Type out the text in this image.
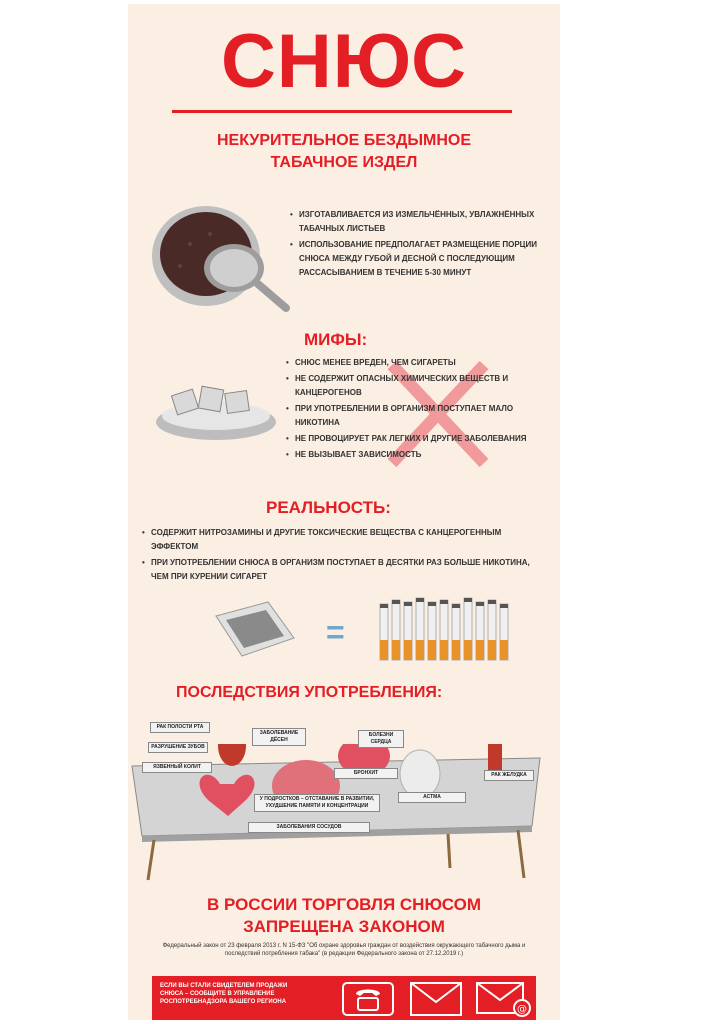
СНЮС
НЕКУРИТЕЛЬНОЕ БЕЗДЫМНОЕ
ТАБАЧНОЕ ИЗДЕЛ
• ИЗГОТАВЛИВАЕТСЯ ИЗ ИЗМЕЛЬЧЁННЫХ, УВЛАЖНЁННЫХ ТАБАЧНЫХ ЛИСТЬЕВ
• ИСПОЛЬЗОВАНИЕ ПРЕДПОЛАГАЕТ РАЗМЕЩЕНИЕ ПОРЦИИ СНЮСА МЕЖДУ ГУБОЙ И ДЕСНОЙ С ПОСЛЕДУЮЩИМ РАССАСЫВАНИЕМ В ТЕЧЕНИЕ 5-30 МИНУТ
МИФЫ:
• СНЮС МЕНЕЕ ВРЕДЕН, ЧЕМ СИГАРЕТЫ
• НЕ СОДЕРЖИТ ОПАСНЫХ ХИМИЧЕСКИХ ВЕЩЕСТВ И КАНЦЕРОГЕНОВ
• ПРИ УПОТРЕБЛЕНИИ В ОРГАНИЗМ ПОСТУПАЕТ МАЛО НИКОТИНА
• НЕ ПРОВОЦИРУЕТ РАК ЛЕГКИХ И ДРУГИЕ ЗАБОЛЕВАНИЯ
• НЕ ВЫЗЫВАЕТ ЗАВИСИМОСТЬ
РЕАЛЬНОСТЬ:
• СОДЕРЖИТ НИТРОЗАМИНЫ И ДРУГИЕ ТОКСИЧЕСКИЕ ВЕЩЕСТВА С КАНЦЕРОГЕННЫМ ЭФФЕКТОМ
• ПРИ УПОТРЕБЛЕНИИ СНЮСА В ОРГАНИЗМ ПОСТУПАЕТ В ДЕСЯТКИ РАЗ БОЛЬШЕ НИКОТИНА, ЧЕМ ПРИ КУРЕНИИ СИГАРЕТ
=
ПОСЛЕДСТВИЯ УПОТРЕБЛЕНИЯ:
РАК ПОЛОСТИ РТА
РАЗРУШЕНИЕ ЗУБОВ
ЗАБОЛЕВАНИЕ ДЁСЕН
БОЛЕЗНИ СЕРДЦА
ЯЗВЕННЫЙ КОЛИТ
БРОНХИТ
У ПОДРОСТКОВ – ОТСТАВАНИЕ В РАЗВИТИИ, УХУДШЕНИЕ ПАМЯТИ И КОНЦЕНТРАЦИИ
ЗАБОЛЕВАНИЯ СОСУДОВ
АСТМА
РАК ЖЕЛУДКА
В РОССИИ ТОРГОВЛЯ СНЮСОМ
ЗАПРЕЩЕНА ЗАКОНОМ
Федеральный закон от 23 февраля 2013 г. N 15-ФЗ "Об охране здоровья граждан от воздействия окружающего табачного дыма и последствий потребления табака" (в редакции Федерального закона от 27.12.2019 г.)
ЕСЛИ ВЫ СТАЛИ СВИДЕТЕЛЕМ ПРОДАЖИ СНЮСА – СООБЩИТЕ В УПРАВЛЕНИЕ РОСПОТРЕБНАДЗОРА ВАШЕГО РЕГИОНА
@
